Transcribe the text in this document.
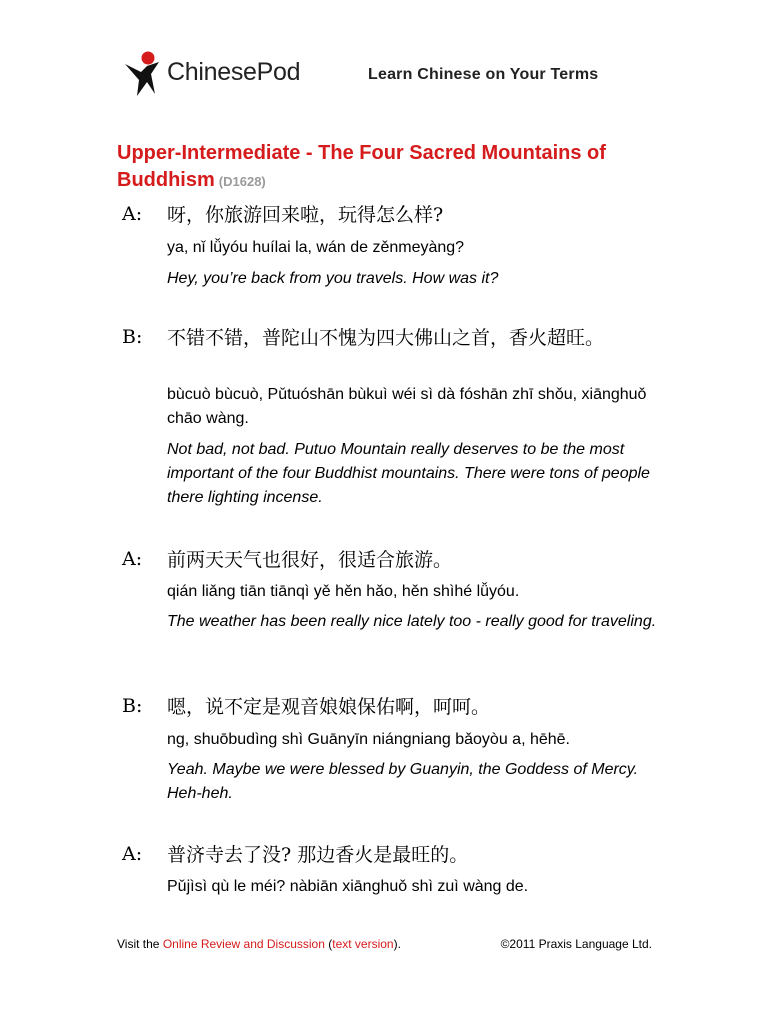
ChinesePod	Learn Chinese on Your Terms
Upper-Intermediate - The Four Sacred Mountains of Buddhism (D1628)
A: 呀，你旅游回来啦，玩得怎么样?
ya, nǐ lǚyóu huílai la, wán de zěnmeyàng?
Hey, you’re back from you travels. How was it?
B: 不错不错，普陀山不愧为四大佛山之首，香火超旺。
bùcuò bùcuò, Pǔtuóshān bùkuì wéi sì dà fóshān zhī shǒu, xiānghuǒ chāo wàng.
Not bad, not bad. Putuo Mountain really deserves to be the most important of the four Buddhist mountains. There were tons of people there lighting incense.
A: 前两天天气也很好，很适合旅游。
qián liǎng tiān tiānqì yě hěn hǎo, hěn shìhé lǚyóu.
The weather has been really nice lately too - really good for traveling.
B: 嗯，说不定是观音娘娘保佑啊，呵呵。
ng, shuōbudìng shì Guānyīn niángniang bǎoyòu a, hēhē.
Yeah. Maybe we were blessed by Guanyin, the Goddess of Mercy. Heh-heh.
A: 普济寺去了没? 那边香火是最旺的。
Pǔjìsì qù le méi? nàbiān xiānghuǒ shì zuì wàng de.
Visit the Online Review and Discussion (text version).	©2011 Praxis Language Ltd.
